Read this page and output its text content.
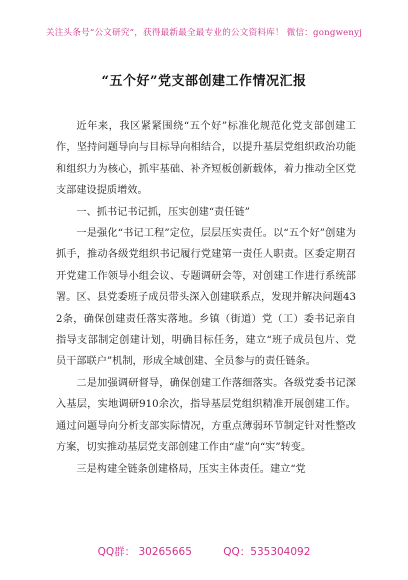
关注头条号“公文研究”，获得最新最全最专业的公文资料库！ 微信：gongwenyj
“五个好”党支部创建工作情况汇报

近年来，我区紧紧围绕“五个好”标准化规范化党支部创建工作，坚持问题导向与目标导向相结合，以提升基层党组织政治功能和组织力为核心，抓牢基础、补齐短板创新载体，着力推动全区党支部建设提质增效。

一、抓书记书记抓，压实创建“责任链”

一是强化“书记工程”定位，层层压实责任。以“五个好”创建为抓手，推动各级党组织书记履行党建第一责任人职责。区委定期召开党建工作领导小组会议、专题调研会等，对创建工作进行系统部署。区、县党委班子成员带头深入创建联系点，发现并解决问题432条，确保创建责任落实落地。乡镇（街道）党（工）委书记亲自指导支部制定创建计划，明确目标任务，建立“班子成员包片、党员干部联户”机制，形成全域创建、全员参与的责任链条。

二是加强调研督导，确保创建工作落细落实。各级党委书记深入基层，实地调研910余次，指导基层党组织精准开展创建工作。通过问题导向分析支部实际情况，方重点薄弱环节制定针对性整改方案，切实推动基层党支部创建工作由“虚”向“实”转变。

三是构建全链条创建格局，压实主体责任。建立“党

QQ群： 30265665	QQ：535304092
